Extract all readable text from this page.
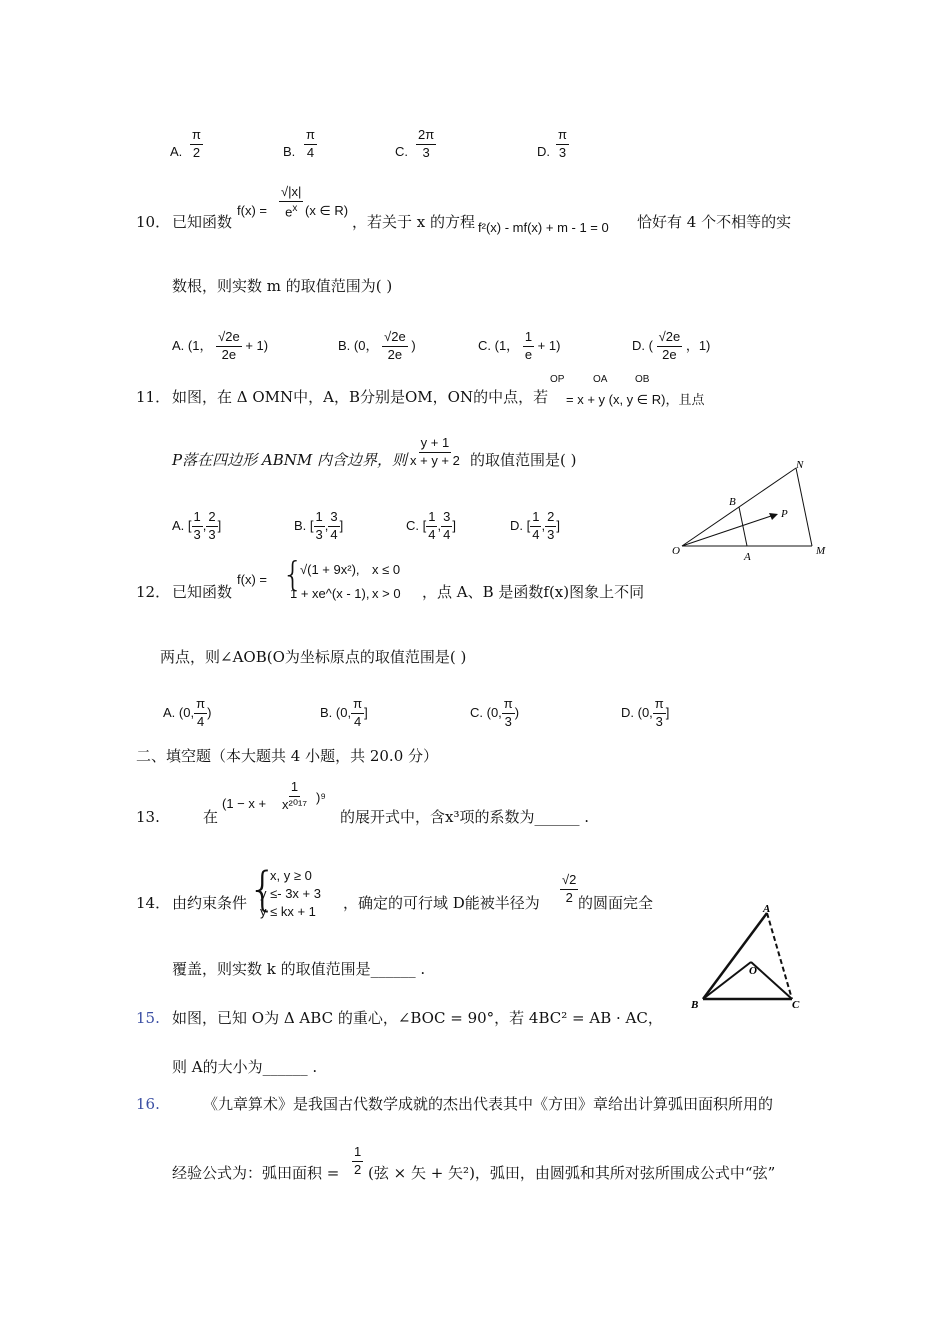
A. $\frac{\pi}{2}$	B. $\frac{\pi}{4}$	C. $\frac{2\pi}{3}$	D. $\frac{\pi}{3}$
10． 已知函数
$f(x) = \frac{√|x|}{e^x} (x$ ∈ R)
，若关于 x 的方程 f²(x) - mf(x) + m - 1 = 0 恰好有 4 个不相等的实
数根，则实数 m 的取值范围为( )
A. (1， $\frac{√2e}{2e} + 1$)	B. (0， $\frac{√2e}{2e}$ )	C. (1， $\frac{1}{e} + 1$)	D. ( $\frac{√2e}{2e}$ ，1)
11． 如图，在 Δ OMN中，A，B分别是OM，ON的中点，若
OP	OA	OB
= x + y (x, y ∈ R)，且点
P落在四边形 ABNM 内含边界，则 $\frac{y + 1}{x + y + 2}$ 的取值范围是( )
A. [ $\frac{1}{3}$ , $\frac{2}{3}$ ]	B. [ $\frac{1}{3}$ , $\frac{3}{4}$ ]	C. [ $\frac{1}{4}$ , $\frac{3}{4}$ ]	D. [ $\frac{1}{4}$ , $\frac{2}{3}$ ]
O	A	M
N
B
P
12． 已知函数
f(x) = {
√(1 + 9x²), x ≤ 0
1 + xe^(x - 1), x > 0 ，点 A、B 是函数f(x)图象上不同
两点，则∠AOB(O为坐标原点的取值范围是( )
A. (0, $\frac{\pi}{4}$ )	B. (0, $\frac{\pi}{4}$ ]	C. (0, $\frac{\pi}{3}$ )	D. (0, $\frac{\pi}{3}$ ]
二、填空题（本大题共 4 小题，共 20.0 分）
13.	在
$(1 - x + \frac{1}{\text{x²⁰¹⁷}} )^9$
的展开式中，含x³项的系数为______ .
14． 由约束条件 {
x, y ≥ 0
y ≤- 3x + 3
y ≤ kx + 1 ，确定的可行域 D能被半径为 $\frac{√2}{2}$ 的圆面完全
覆盖，则实数 k 的取值范围是______ .
15. 如图，已知 O为 Δ ABC 的重心，∠BOC = 90°，若 4BC² = AB · AC，
则 A的大小为______ .
A
B	C
O
16.	《九章算术》是我国古代数学成就的杰出代表其中《方田》章给出计算弧田面积所用的
经验公式为：弧田面积 = $\frac{1}{2}$ (弦 × 矢 + 矢²)，弧田，由圆弧和其所对弦所围成公式中“弦”
